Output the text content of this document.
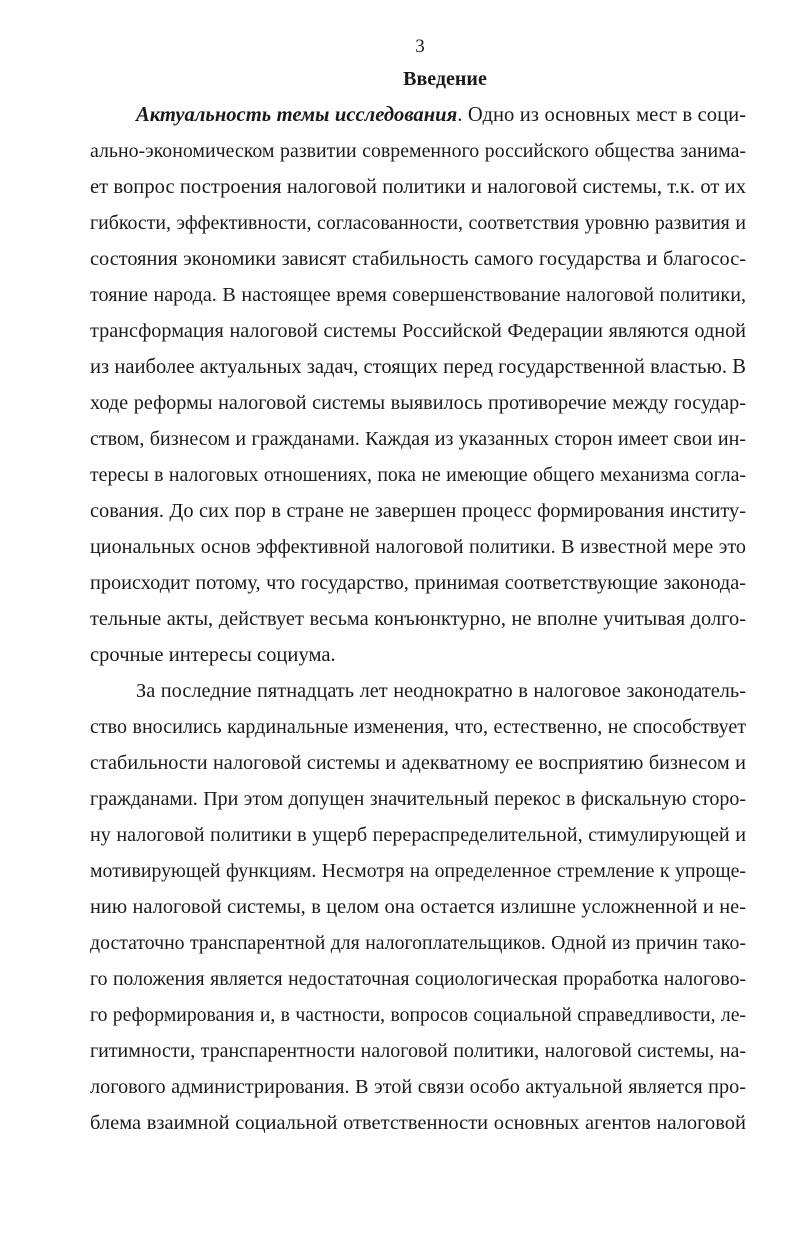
3
Введение
Актуальность темы исследования. Одно из основных мест в соци-
ально-экономическом развитии современного российского общества занима-
ет вопрос построения налоговой политики и налоговой системы, т.к. от их
гибкости, эффективности, согласованности, соответствия уровню развития и
состояния экономики зависят стабильность самого государства и благосос-
тояние народа. В настоящее время совершенствование налоговой политики,
трансформация налоговой системы Российской Федерации являются одной
из наиболее актуальных задач, стоящих перед государственной властью. В
ходе реформы налоговой системы выявилось противоречие между государ-
ством, бизнесом и гражданами. Каждая из указанных сторон имеет свои ин-
тересы в налоговых отношениях, пока не имеющие общего механизма согла-
сования. До сих пор в стране не завершен процесс формирования институ-
циональных основ эффективной налоговой политики. В известной мере это
происходит потому, что государство, принимая соответствующие законода-
тельные акты, действует весьма конъюнктурно, не вполне учитывая долго-
срочные интересы социума.
За последние пятнадцать лет неоднократно в налоговое законодатель-
ство вносились кардинальные изменения, что, естественно, не способствует
стабильности налоговой системы и адекватному ее восприятию бизнесом и
гражданами. При этом допущен значительный перекос в фискальную сторо-
ну налоговой политики в ущерб перераспределительной, стимулирующей и
мотивирующей функциям. Несмотря на определенное стремление к упроще-
нию налоговой системы, в целом она остается излишне усложненной и не-
достаточно транспарентной для налогоплательщиков. Одной из причин тако-
го положения является недостаточная социологическая проработка налогово-
го реформирования и, в частности, вопросов социальной справедливости, ле-
гитимности, транспарентности налоговой политики, налоговой системы, на-
логового администрирования. В этой связи особо актуальной является про-
блема взаимной социальной ответственности основных агентов налоговой
